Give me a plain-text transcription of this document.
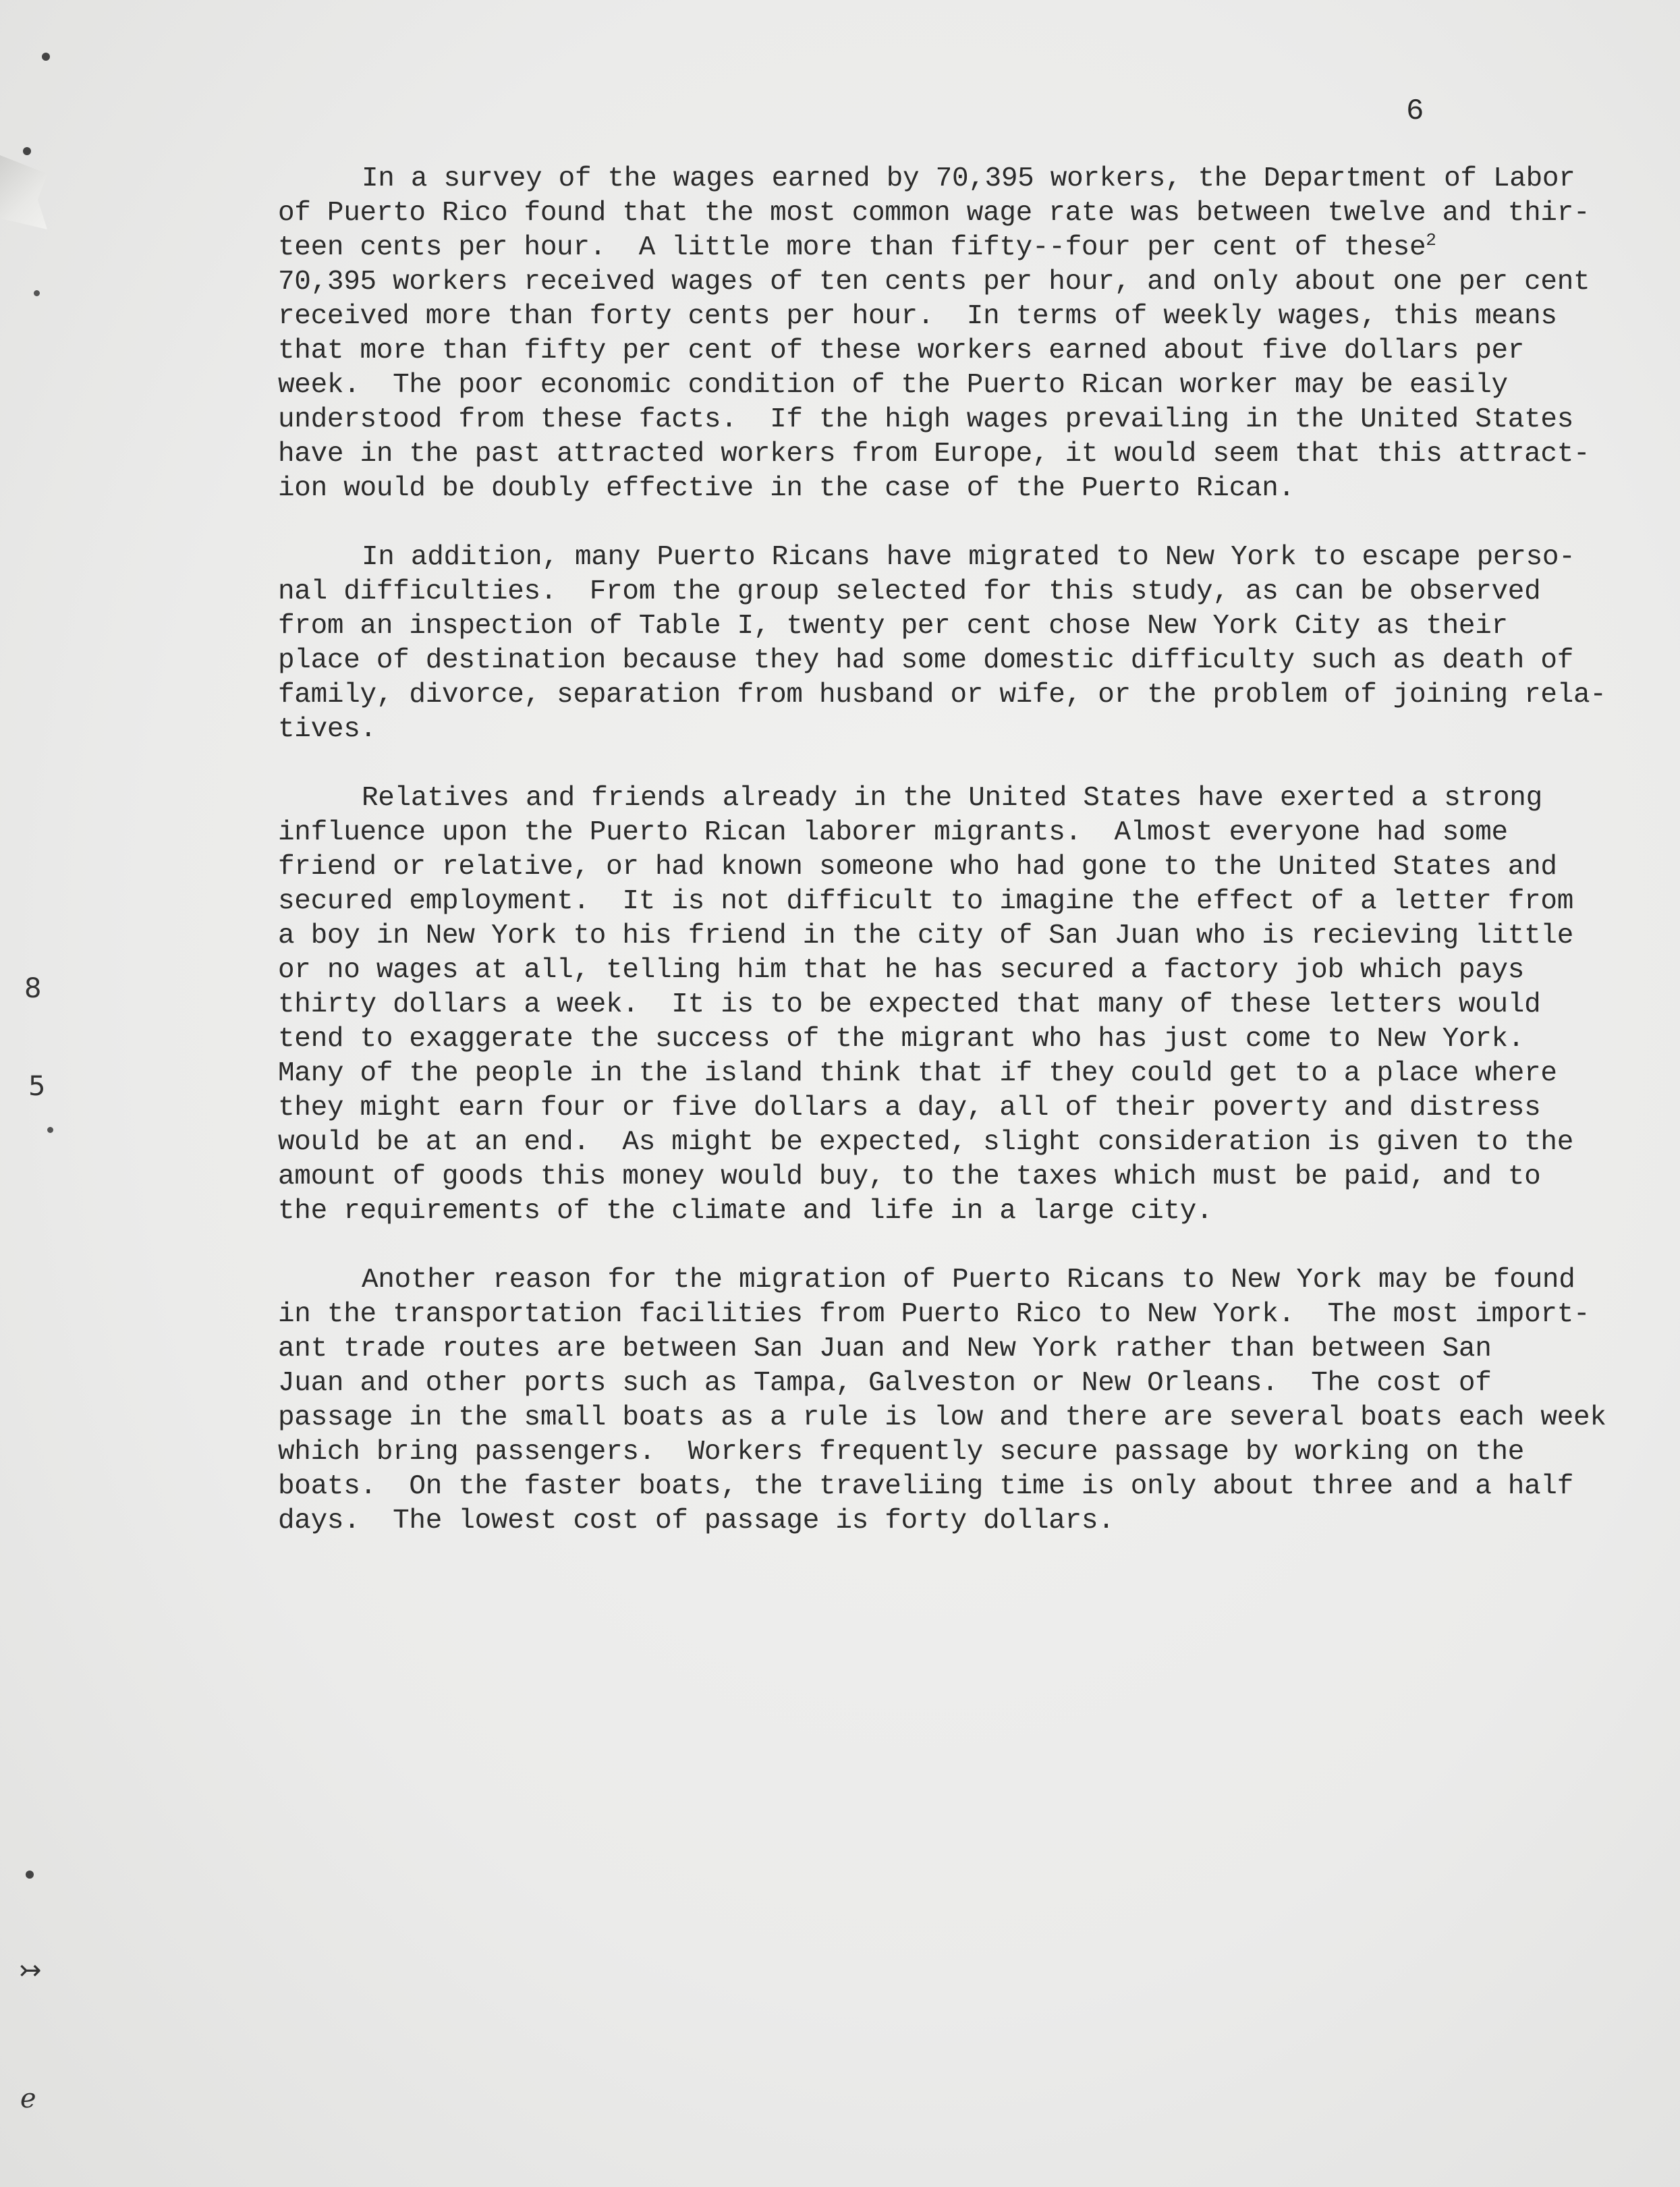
8
5
↣
ℯ
6
In a survey of the wages earned by 70,395 workers, the Department of Labor
of Puerto Rico found that the most common wage rate was between twelve and thir-
teen cents per hour.  A little more than fifty--four per cent of these$^2$
70,395 workers received wages of ten cents per hour, and only about one per cent
received more than forty cents per hour.  In terms of weekly wages, this means
that more than fifty per cent of these workers earned about five dollars per
week.  The poor economic condition of the Puerto Rican worker may be easily
understood from these facts.  If the high wages prevailing in the United States
have in the past attracted workers from Europe, it would seem that this attract-
ion would be doubly effective in the case of the Puerto Rican.
In addition, many Puerto Ricans have migrated to New York to escape perso-
nal difficulties.  From the group selected for this study, as can be observed
from an inspection of Table I, twenty per cent chose New York City as their
place of destination because they had some domestic difficulty such as death of
family, divorce, separation from husband or wife, or the problem of joining rela-
tives.
Relatives and friends already in the United States have exerted a strong
influence upon the Puerto Rican laborer migrants.  Almost everyone had some
friend or relative, or had known someone who had gone to the United States and
secured employment.  It is not difficult to imagine the effect of a letter from
a boy in New York to his friend in the city of San Juan who is recieving little
or no wages at all, telling him that he has secured a factory job which pays
thirty dollars a week.  It is to be expected that many of these letters would
tend to exaggerate the success of the migrant who has just come to New York.
Many of the people in the island think that if they could get to a place where
they might earn four or five dollars a day, all of their poverty and distress
would be at an end.  As might be expected, slight consideration is given to the
amount of goods this money would buy, to the taxes which must be paid, and to
the requirements of the climate and life in a large city.
Another reason for the migration of Puerto Ricans to New York may be found
in the transportation facilities from Puerto Rico to New York.  The most import-
ant trade routes are between San Juan and New York rather than between San
Juan and other ports such as Tampa, Galveston or New Orleans.  The cost of
passage in the small boats as a rule is low and there are several boats each week
which bring passengers.  Workers frequently secure passage by working on the
boats.  On the faster boats, the traveliing time is only about three and a half
days.  The lowest cost of passage is forty dollars.
